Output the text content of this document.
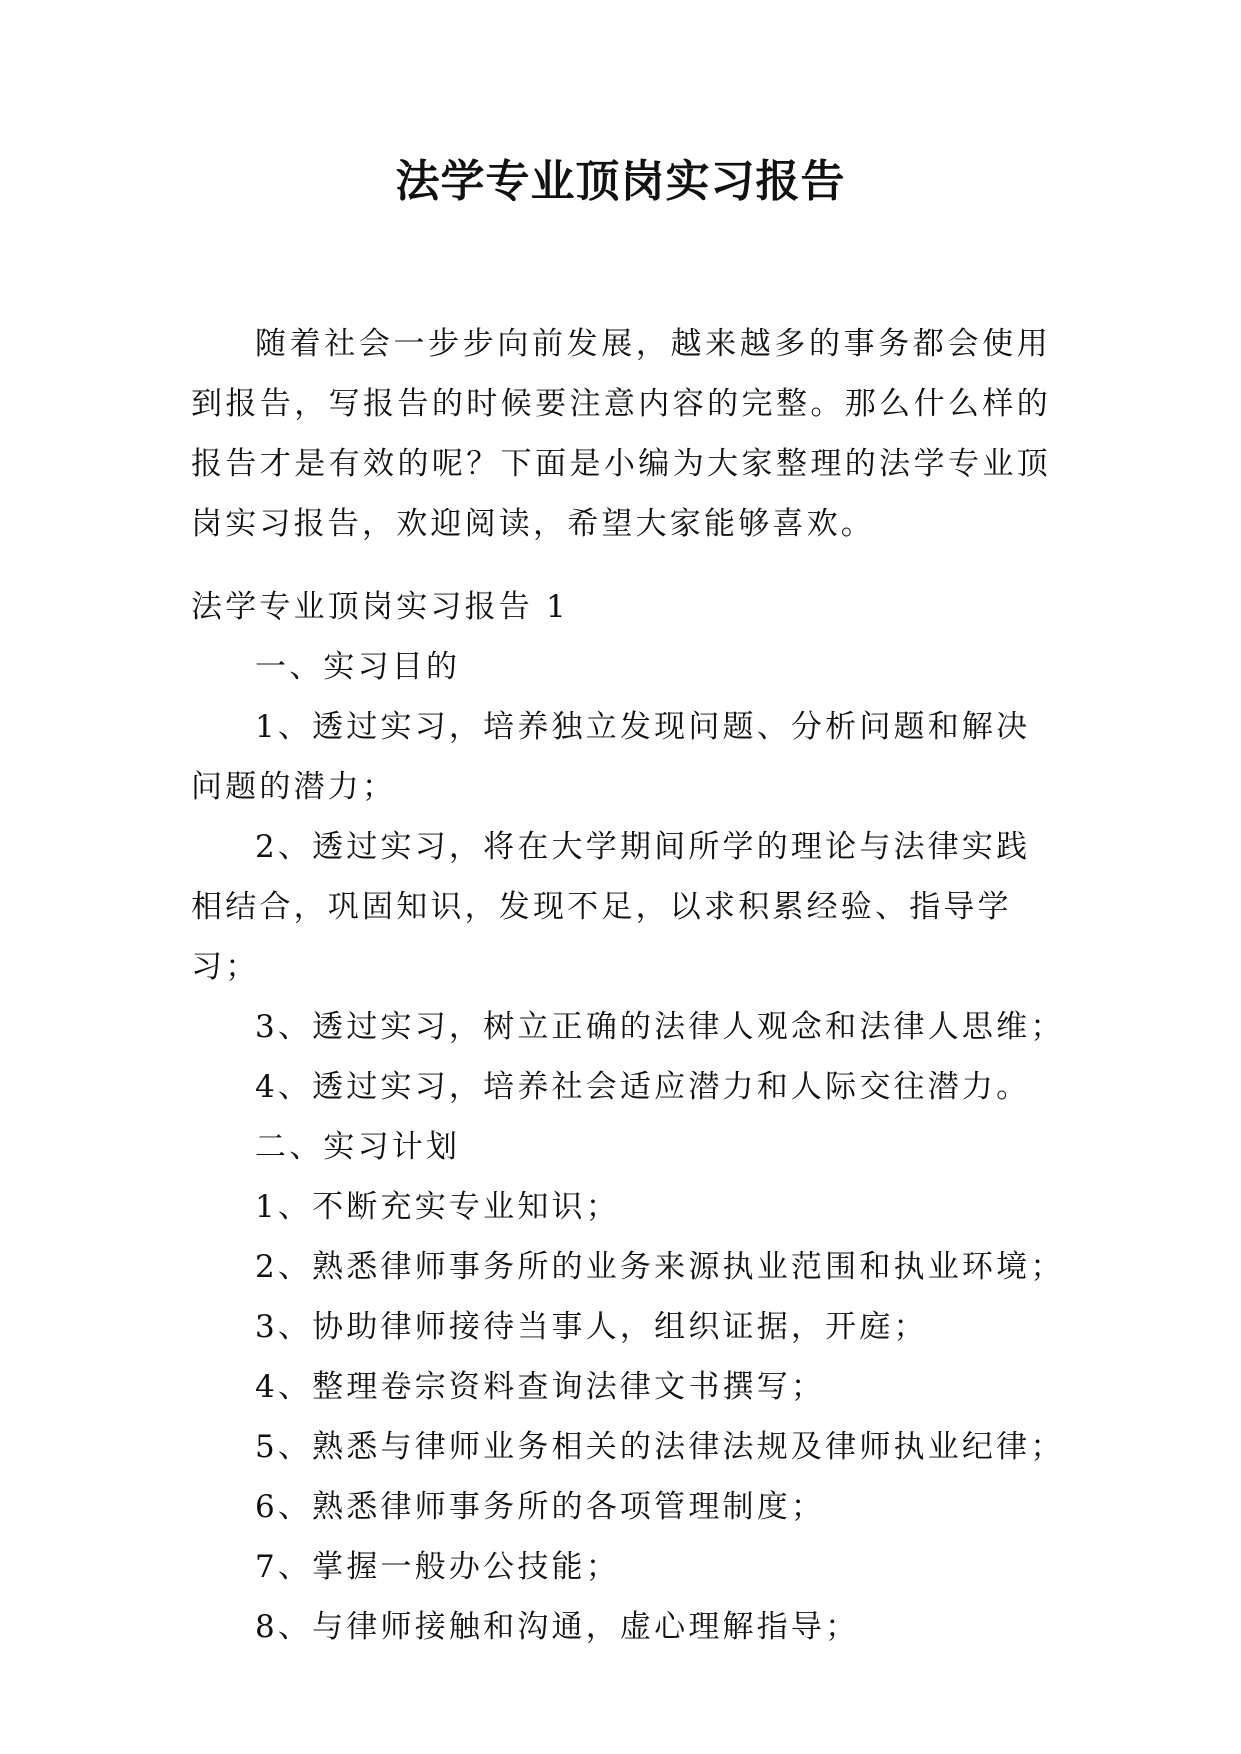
法学专业顶岗实习报告

随着社会一步步向前发展，越来越多的事务都会使用到报告，写报告的时候要注意内容的完整。那么什么样的报告才是有效的呢？下面是小编为大家整理的法学专业顶岗实习报告，欢迎阅读，希望大家能够喜欢。

法学专业顶岗实习报告 1

一、实习目的

1、透过实习，培养独立发现问题、分析问题和解决问题的潜力；

2、透过实习，将在大学期间所学的理论与法律实践相结合，巩固知识，发现不足，以求积累经验、指导学习；

3、透过实习，树立正确的法律人观念和法律人思维；

4、透过实习，培养社会适应潜力和人际交往潜力。

二、实习计划

1、不断充实专业知识；

2、熟悉律师事务所的业务来源执业范围和执业环境；

3、协助律师接待当事人，组织证据，开庭；

4、整理卷宗资料查询法律文书撰写；

5、熟悉与律师业务相关的法律法规及律师执业纪律；

6、熟悉律师事务所的各项管理制度；

7、掌握一般办公技能；

8、与律师接触和沟通，虚心理解指导；
